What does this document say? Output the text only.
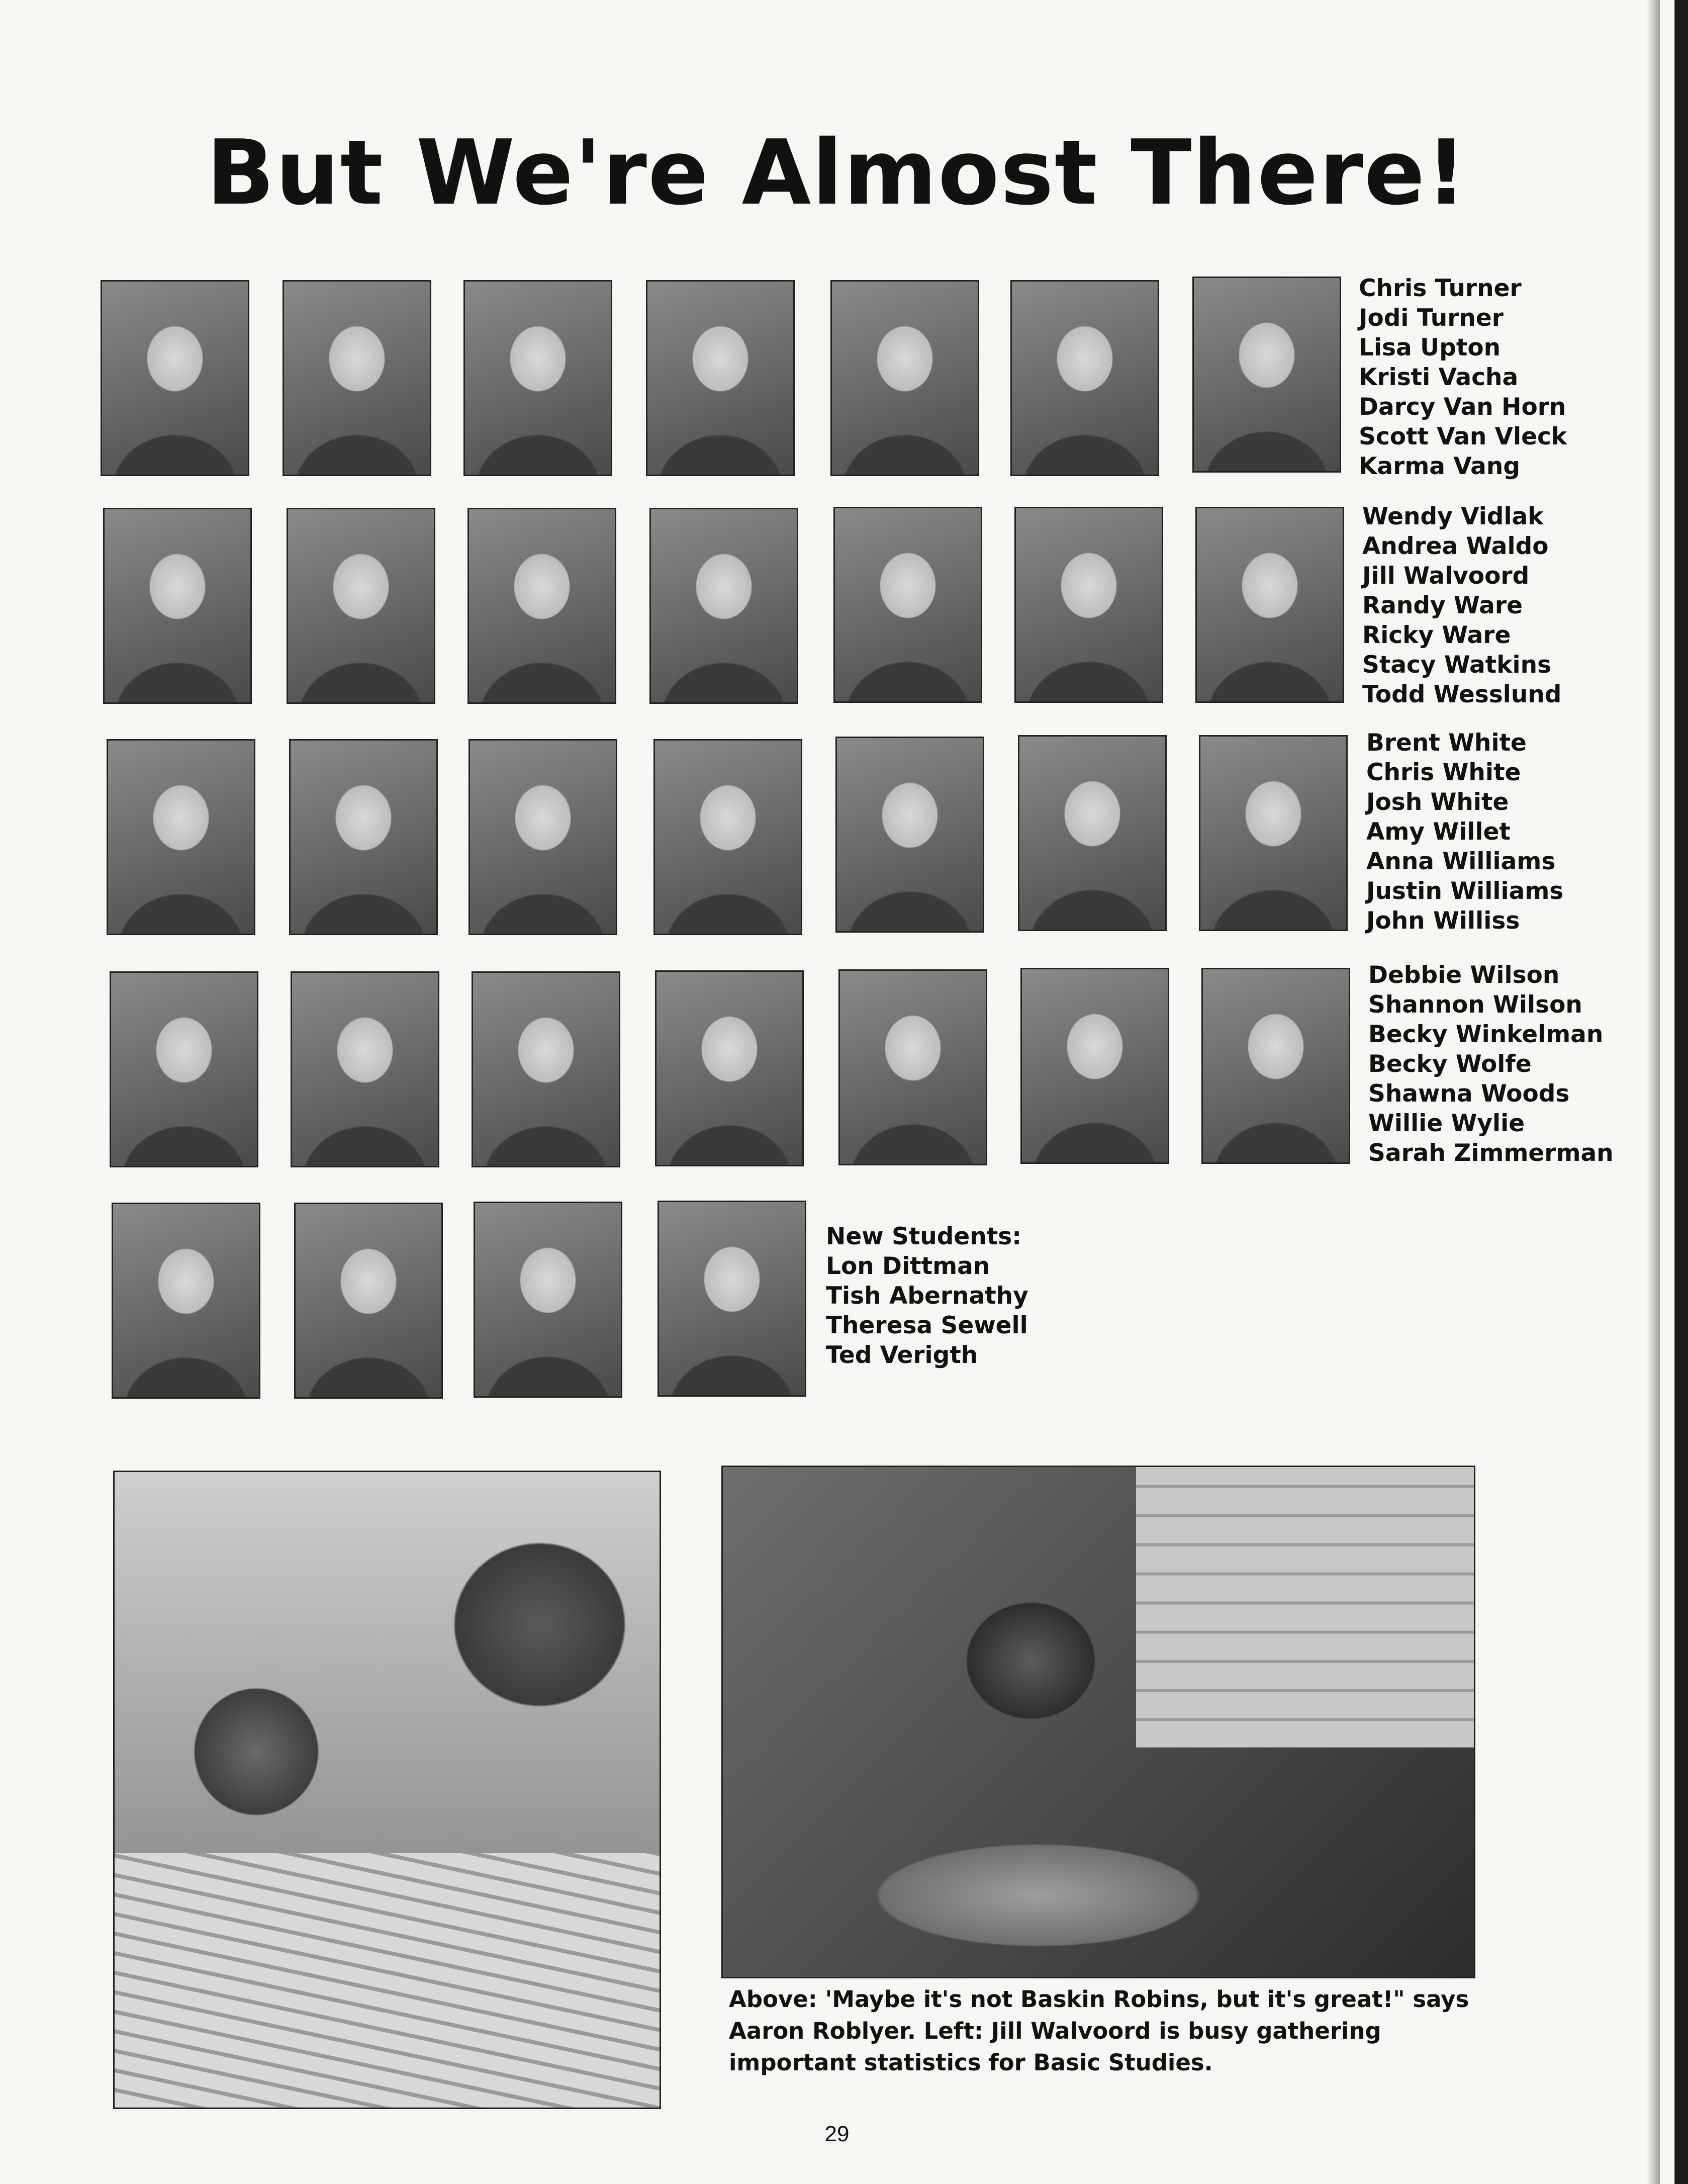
But We're Almost There!
Chris Turner
Jodi Turner
Lisa Upton
Kristi Vacha
Darcy Van Horn
Scott Van Vleck
Karma Vang
Wendy Vidlak
Andrea Waldo
Jill Walvoord
Randy Ware
Ricky Ware
Stacy Watkins
Todd Wesslund
Brent White
Chris White
Josh White
Amy Willet
Anna Williams
Justin Williams
John Williss
Debbie Wilson
Shannon Wilson
Becky Winkelman
Becky Wolfe
Shawna Woods
Willie Wylie
Sarah Zimmerman
New Students:
Lon Dittman
Tish Abernathy
Theresa Sewell
Ted Verigth
Above: 'Maybe it's not Baskin Robins, but it's great!" says Aaron Roblyer. Left: Jill Walvoord is busy gathering important statistics for Basic Studies.
29
